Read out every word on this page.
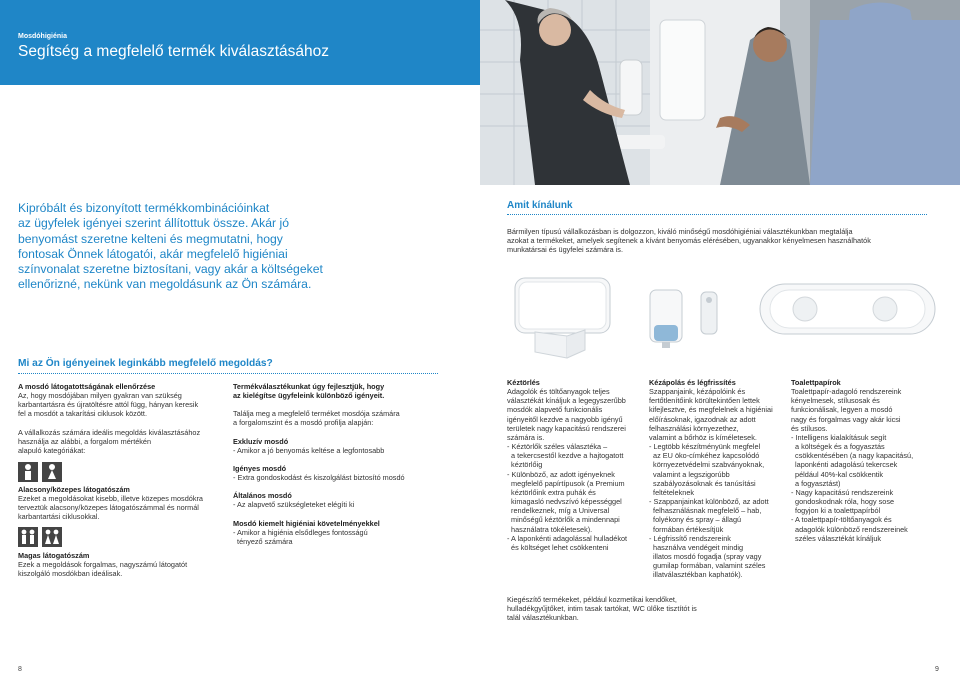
Mosdóhigiénia
Segítség a megfelelő termék kiválasztásához
Kipróbált és bizonyított termékkombinációinkat
az ügyfelek igényei szerint állítottuk össze. Akár jó
benyomást szeretne kelteni és megmutatni, hogy
fontosak Önnek látogatói, akár megfelelő higiéniai
színvonalat szeretne biztosítani, vagy akár a költségeket
ellenőrizné, nekünk van megoldásunk az Ön számára.
Amit kínálunk
Bármilyen típusú vállalkozásban is dolgozzon, kiváló minőségű mosdóhigiéniai választékunkban megtalálja
azokat a termékeket, amelyek segítenek a kívánt benyomás elérésében, ugyanakkor kényelmesen használhatók
munkatársai és ügyfelei számára is.
Mi az Ön igényeinek leginkább megfelelő megoldás?
A mosdó látogatottságának ellenőrzése
Az, hogy mosdójában milyen gyakran van szükség
karbantartásra és újratöltésre attól függ, hányan keresik
fel a mosdót a takarítási ciklusok között.
A vállalkozás számára ideális megoldás kiválasztásához
használja az alábbi, a forgalom mértékén
alapuló kategóriákat:
Alacsony/közepes látogatószám
Ezeket a megoldásokat kisebb, illetve közepes mosdókra
terveztük alacsony/közepes látogatószámmal és normál
karbantartási ciklusokkal.
Magas látogatószám
Ezek a megoldások forgalmas, nagyszámú látogatót
kiszolgáló mosdókban ideálisak.
Termékválasztékunkat úgy fejlesztjük, hogy
az kielégítse ügyfeleink különböző igényeit.
Találja meg a megfelelő terméket mosdója számára
a forgalomszint és a mosdó profilja alapján:
Exkluzív mosdó
- Amikor a jó benyomás keltése a legfontosabb
Igényes mosdó
- Extra gondoskodást és kiszolgálást biztosító mosdó
Általános mosdó
- Az alapvető szükségleteket elégíti ki
Mosdó kiemelt higiéniai követelményekkel
- Amikor a higiénia elsődleges fontosságú
tényező számára
Kéztörlés
Adagolók és töltőanyagok teljes
választékát kínáljuk a legegyszerűbb
mosdók alapvető funkcionális
igényeitől kezdve a nagyobb igényű
területek nagy kapacitású rendszerei
számára is.
- Kéztörlők széles választéka –
a tekercsestől kezdve a hajtogatott
kéztörlőig
- Különböző, az adott igényeknek
megfelelő papírtípusok (a Premium
kéztörlőink extra puhák és
kimagasló nedvszívó képességgel
rendelkeznek, míg a Universal
minőségű kéztörlők a mindennapi
használatra tökéletesek).
- A laponkénti adagolással hulladékot
és költséget lehet csökkenteni
Kézápolás és légfrissítés
Szappanjaink, kézápolóink és
fertőtlenítőink körültekintően lettek
kifejlesztve, és megfelelnek a higiéniai
előírásoknak, igazodnak az adott
felhasználási környezethez,
valamint a bőrhöz is kíméletesek.
- Legtöbb készítményünk megfelel
az EU öko-címkéhez kapcsolódó
környezetvédelmi szabványoknak,
valamint a legszigorúbb
szabályozásoknak és tanúsítási
feltételeknek
- Szappanjainkat különböző, az adott
felhasználásnak megfelelő – hab,
folyékony és spray – állagú
formában értékesítjük
- Légfrissítő rendszereink
használva vendégeit mindig
illatos mosdó fogadja (spray vagy
gumilap formában, valamint széles
illatválasztékban kaphatók).
Toalettpapírok
Toalettpapír-adagoló rendszereink
kényelmesek, stílusosak és
funkcionálisak, legyen a mosdó
nagy és forgalmas vagy akár kicsi
és stílusos.
- Intelligens kialakításuk segít
a költségek és a fogyasztás
csökkentésében (a nagy kapacitású,
laponkénti adagolású tekercsek
például 40%-kal csökkentik
a fogyasztást)
- Nagy kapacitású rendszereink
gondoskodnak róla, hogy sose
fogyjon ki a toalettpapírból
- A toalettpapír-töltőanyagok és
adagolók különböző rendszereinek
széles választékát kínáljuk
Kiegészítő termékeket, például kozmetikai kendőket,
hulladékgyűjtőket, intim tasak tartókat, WC ülőke tisztítót is
talál választékunkban.
8	9
